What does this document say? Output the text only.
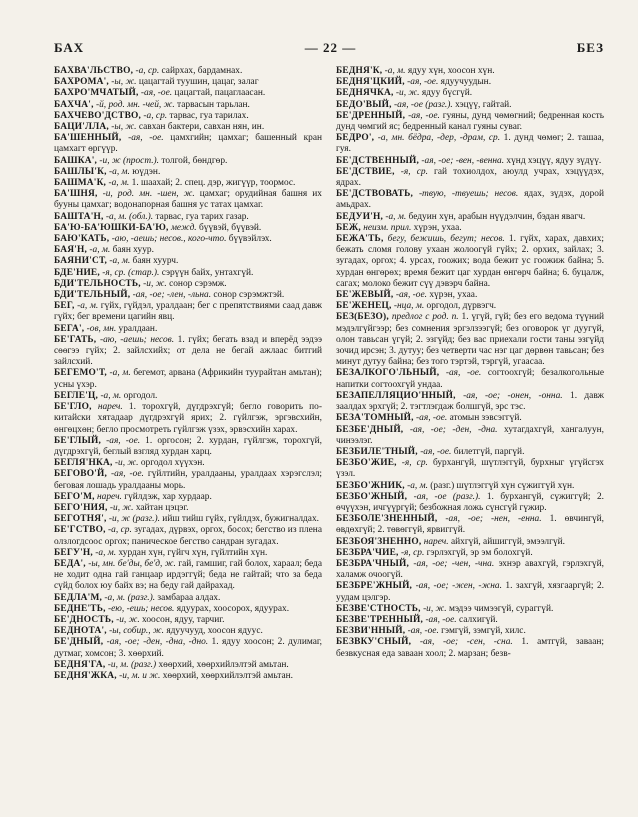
БАХ	— 22 —	БЕЗ

БАХВА'ЛЬСТВО, -а, ср. сайрхах, бардамнах.

БАХРОМА', -ы, ж. цацагтай туушин, цацаг, залаг

БАХРО'МЧАТЫЙ, -ая, -ое. цацагтай, пацаглаасан.

БАХЧА', -й, род. мн. -чей, ж. тарвасын тарьлан.

БАХЧЕВО'ДСТВО, -а, ср. тарвас, гуа тарилах.

БАЦИ'ЛЛА, -ы, ж. савхан бактери, савхан нян, ин.

БА'ШЕННЫЙ, -ая, -ое. цамхгийн; цамхаг; башенный кран цамхагт өргүүр.

БАШКА', -и, ж (прост.). толгой, бөндгөр.

БАШЛЫ'К, -а, м. юүдэн.

БАШМА'К, -а, м. 1. шаахай; 2. спец. дэр, жигүүр, тоормос.

БА'ШНЯ, -и, род. мн. -шен, ж. цамхаг; орудийная башня их бууны цамхаг; водонапорная башня ус татах цамхаг.

БАШТА'Н, -а, м. (обл.). тарвас, гуа тарих газар.

БА'Ю-БА'ЮШКИ-БА'Ю, межд. бүүвэй, бүүвэй.

БАЮ'КАТЬ, -аю, -аешь; несов., кого-что. бүүвэйлэх.

БАЯ'Н, -а, м. баян хуур.

БАЯНИ'СТ, -а, м. баян хуурч.

БДЕ'НИЕ, -я, ср. (стар.). сэрүүн байх, унтахгүй.

БДИ'ТЕЛЬНОСТЬ, -и, ж. сонор сэрэмж.

БДИ'ТЕЛЬНЫЙ, -ая, -ое; -лен, -льна. сонор сэрэмжтэй.

БЕГ, -а, м. гүйх, гүйдэл, уралдаан; бег с препятствиями саад давж гүйх; бег времени цагийн явц.

БЕГА', -ов, мн. уралдаан.

БЕ'ГАТЬ, -аю, -аешь; несов. 1. гүйх; бегать взад и вперёд ээдээ сөөгээ гүйх; 2. зайлсхийх; от дела не бегай ажлаас битгий зайлсхий.

БЕГЕМО'Т, -а, м. бегемот, арвана (Африкийн туурайтан амьтан); усны үхэр.

БЕГЛЕ'Ц, -а, м. оргодол.

БЕ'ГЛО, нареч. 1. торохгүй, дүгдрэхгүй; бегло говорить по-китайски хятадаар дүгдрэхгүй ярих; 2. гүйлгэж, эргэвсхийн, өнгөцхөн; бегло просмотреть гүйлгэж үзэх, эрвэсхийн харах.

БЕ'ГЛЫЙ, -ая, -ое. 1. оргосон; 2. хурдан, гүйлгэж, торохгүй, дүгдрэхгүй, беглый взгляд хурдан харц.

БЕГЛЯ'НКА, -и, ж. оргодол хүүхэн.

БЕГОВО'Й, -ая, -ое. гүйлтийн, уралдааны, уралдаах хэрэгслэл; беговая лошадь уралдааны морь.

БЕГО'М, нареч. гүйлдэж, хар хурдаар.

БЕГО'НИЯ, -и, ж. хайтан цэцэг.

БЕГОТНЯ', -и, ж (разг.). ийш тийш гүйх, гүйлдэх, бужигналдах.

БЕ'ГСТВО, -а, ср. зугадах, дүрвэх, оргох, босох; бегство из плена олзлогдсоос оргох; паническое бегство сандран зугадах.

БЕГУ'Н, -а, м. хурдан хүн, гүйгч хүн, гүйлтийн хүн.

БЕДА', -ы, мн. бе'ды, бе'д, ж. гай, гамшиг, гай болох, хараал; беда не ходит одна гай ганцаар ирдэггүй; беда не гайтай; что за беда сүйд болох юу байх вэ; на беду гай дайрахад.

БЕДЛА'М, -а, м. (разг.). замбараа алдах.

БЕДНЕ'ТЬ, -ею, -ешь; несов. ядуурах, хоосорох, ядуурах.

БЕ'ДНОСТЬ, -и, ж. хоосон, ядуу, тарчиг.

БЕДНОТА', -ы, собир., ж. ядуучууд, хоосон ядуус.

БЕ'ДНЫЙ, -ая, -ое; -ден, -дна, -дно. 1. ядуу хоосон; 2. дулимаг, дутмаг, хомсон; 3. хөөрхий.

БЕДНЯ'ГА, -и, м. (разг.) хөөрхий, хөөрхийлэлтэй амьтан.

БЕДНЯ'ЖКА, -и, м. и ж. хөөрхий, хөөрхийлэлтэй амьтан.

БЕДНЯ'К, -а, м. ядуу хүн, хоосон хүн.

БЕДНЯ'ЦКИЙ, -ая, -ое. ядуучуудын.

БЕДНЯЧКА, -и, ж. ядуу бүсгүй.

БЕДО'ВЫЙ, -ая, -ое (разг.). хэцүү, гайтай.

БЕ'ДРЕННЫЙ, -ая, -ое. гуяны, дунд чөмөгний; бедренная кость дунд чөмгий яс; бедренный канал гуяны суваг.

БЕДРО', -а, мн. бёдра, -дер, -драм, ср. 1. дунд чөмөг; 2. ташаа, гуя.

БЕ'ДСТВЕННЫЙ, -ая, -ое; -вен, -венна. хүнд хэцүү, ядуу зүдүү.

БЕ'ДСТВИЕ, -я, ср. гай тохиолдох, аюулд учрах, хэцүүдэх, ядрах.

БЕ'ДСТВОВАТЬ, -твую, -твуешь; несов. ядах, зүдэх, дорой амьдрах.

БЕДУИ'Н, -а, м. бедуин хүн, арабын нүүдэлчин, бэдан явагч.

БЕЖ, неизм. прил. хүрэн, ухаа.

БЕЖА'ТЬ, бегу, бежишь, бегут; несов. 1. гүйх, харах, давхих; бежать сломя голову ухаан жолоогүй гүйх; 2. орхих, зайлах; 3. зугадах, оргох; 4. урсах, гоожих; вода бежит ус гоожиж байна; 5. хурдан өнгөрөх; время бежит цаг хурдан өнгөрч байна; 6. буцалж, сагах; молоко бежит сүү дэвэрч байна.

БЕ'ЖЕВЫЙ, -ая, -ое. хүрэн, ухаа.

БЕ'ЖЕНЕЦ, -нца, м. оргодол, дүрвэгч.

БЕЗ(БЕЗО), предлог с род. п. 1. үгүй, гүй; без его ведома түүний мэдэлгүйгээр; без сомнения эргэлзээгүй; без оговорок үг дуугүй, олон тавьсан үгүй; 2. эзгүйд; без вас приехали гости таны эзгүйд зочид ирсэн; 3. дутуу; без четверти час нэг цаг дөрвөн тавьсан; без минут дутуу байна; без того тэртэй, тэргүй, угаасаа.

БЕЗАЛКОГО'ЛЬНЫЙ, -ая, -ое. согтоохгүй; безалкогольные напитки согтоохгүй ундаа.

БЕЗАПЕЛЛЯЦИО'ННЫЙ, -ая, -ое; -онен, -онна. 1. давж заалдах эрхгүй; 2. тэгтлэгдаж болшгүй, эрс тэс.

БЕЗА'ТОМНЫЙ, -ая, -ое. атомын зэвсэггүй.

БЕЗБЕ'ДНЫЙ, -ая, -ое; -ден, -дна. хутагдахгүй, хангалуун, чинээлэг.

БЕЗБИЛЕ'ТНЫЙ, -ая, -ое. билетгүй, паргүй.

БЕЗБО'ЖИЕ, -я, ср. бурхангүй, шүтлэггүй, бурхныг үгүйсгэх үзэл.

БЕЗБО'ЖНИК, -а, м. (разг.) шүтлэггүй хүн сүжиггүй хүн.

БЕЗБО'ЖНЫЙ, -ая, -ое (разг.). 1. бурхангүй, сүжиггүй; 2. өчүүхэн, ичгүүргүй; безбожная ложь сүнсгүй гүжир.

БЕЗБОЛЕ'ЗНЕННЫЙ, -ая, -ое; -нен, -енна. 1. өвчингүй, өвдөхгүй; 2. төвөггүй, ярвиггүй.

БЕЗБОЯ'ЗНЕННО, нареч. айхгүй, айшиггүй, эмээлгүй.

БЕЗБРА'ЧИЕ, -я, ср. гэрлэхгүй, эр эм болохгүй.

БЕЗБРА'ЧНЫЙ, -ая, -ое; -чен, -чна. эхнэр авахгүй, гэрлэхгүй, халамж очоогүй.

БЕЗБРЕ'ЖНЫЙ, -ая, -ое; -жен, -жна. 1. захгүй, хязгааргүй; 2. уудам цэлгэр.

БЕЗВЕ'СТНОСТЬ, -и, ж. мэдээ чимээгүй, сураггүй.

БЕЗВЕ'ТРЕННЫЙ, -ая, -ое. салхигүй.

БЕЗВИ'ННЫЙ, -ая, -ое. гэмгүй, зэмгүй, хилс.

БЕЗВКУ'СНЫЙ, -ая, -ое; -сен, -сна. 1. амтгүй, заваан; безвкусная еда заваан хоол; 2. марзан; безв-
